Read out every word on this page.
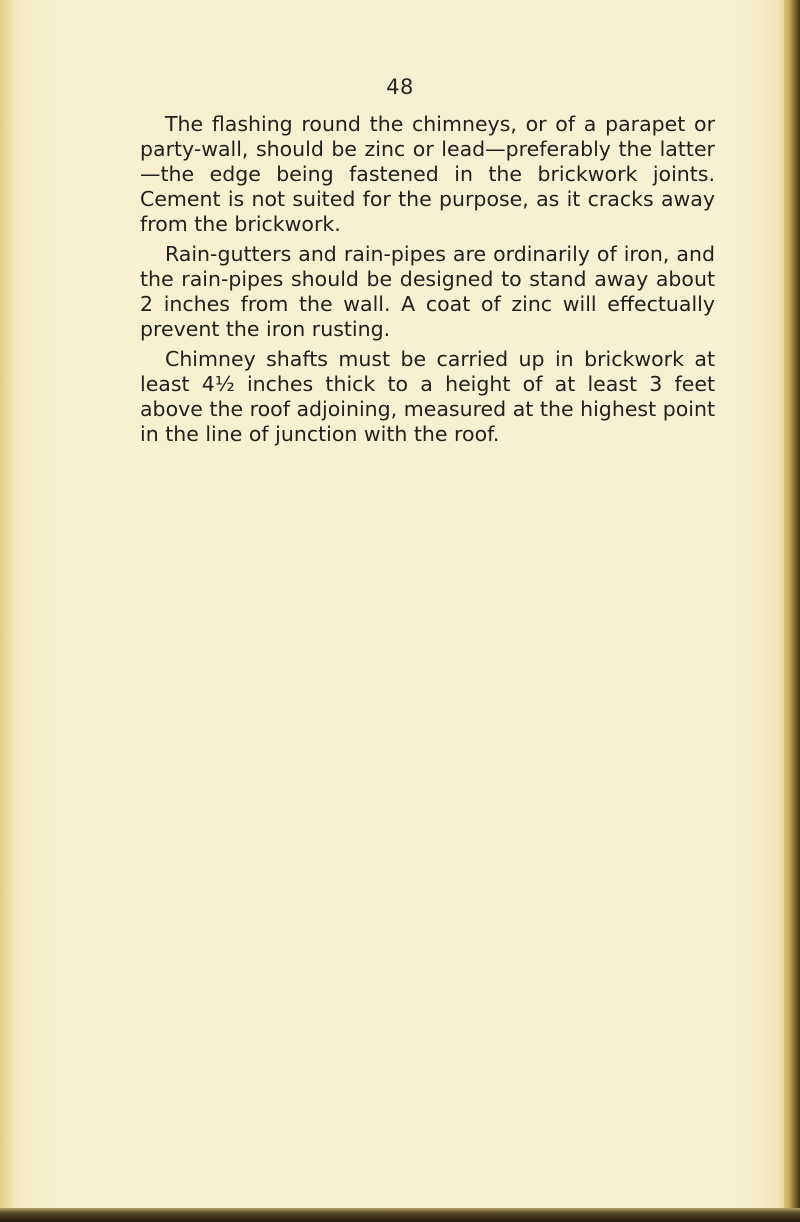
48

The flashing round the chimneys, or of a parapet or party-wall, should be zinc or lead—preferably the latter—the edge being fastened in the brickwork joints. Cement is not suited for the purpose, as it cracks away from the brickwork.

Rain-gutters and rain-pipes are ordinarily of iron, and the rain-pipes should be designed to stand away about 2 inches from the wall. A coat of zinc will effectually prevent the iron rusting.

Chimney shafts must be carried up in brickwork at least 4½ inches thick to a height of at least 3 feet above the roof adjoining, measured at the highest point in the line of junction with the roof.
